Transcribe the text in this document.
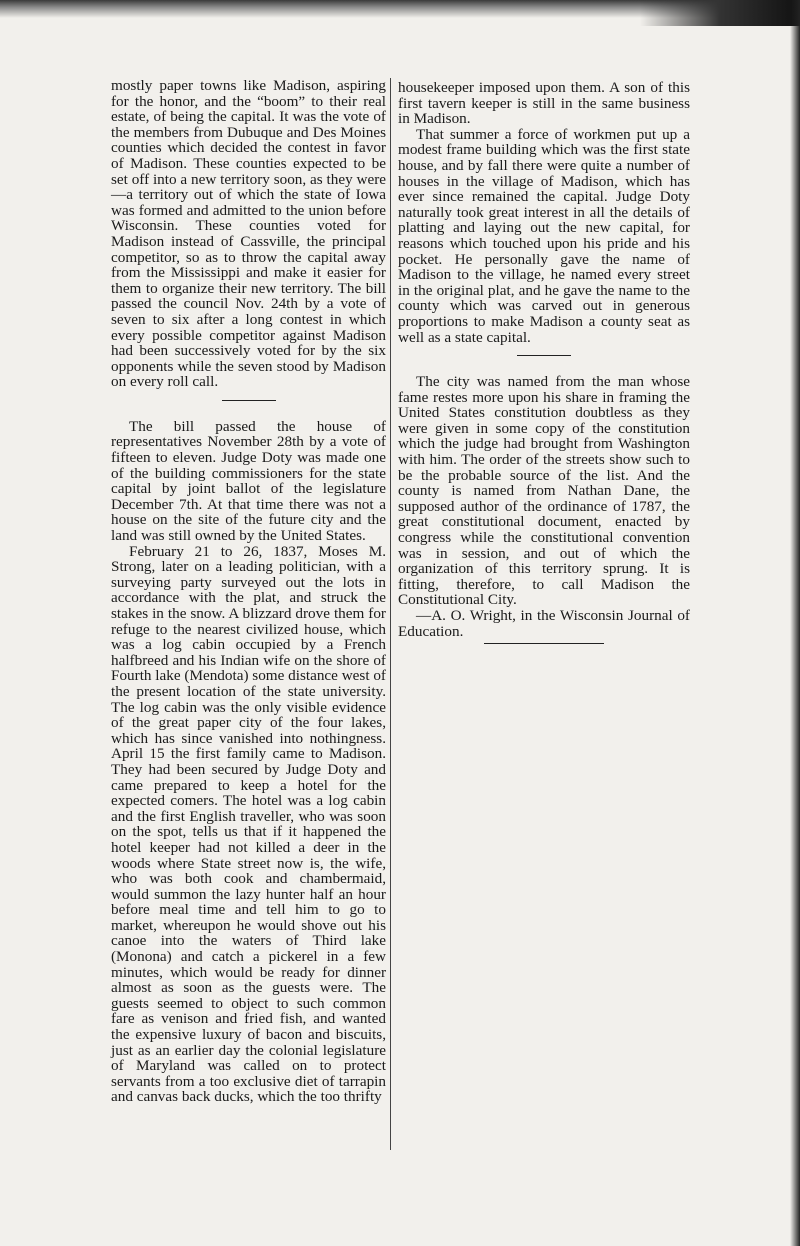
mostly paper towns like Madison, aspiring for the honor, and the “boom” to their real estate, of being the capital. It was the vote of the members from Dubuque and Des Moines counties which decided the contest in favor of Madison. These counties expected to be set off into a new territory soon, as they were—a territory out of which the state of Iowa was formed and admitted to the union before Wisconsin. These counties voted for Madison instead of Cassville, the principal competitor, so as to throw the capital away from the Mississippi and make it easier for them to organize their new territory. The bill passed the council Nov. 24th by a vote of seven to six after a long contest in which every possible competitor against Madison had been successively voted for by the six opponents while the seven stood by Madison on every roll call.

The bill passed the house of representatives November 28th by a vote of fifteen to eleven. Judge Doty was made one of the building commissioners for the state capital by joint ballot of the legislature December 7th. At that time there was not a house on the site of the future city and the land was still owned by the United States.

February 21 to 26, 1837, Moses M. Strong, later on a leading politician, with a surveying party surveyed out the lots in accordance with the plat, and struck the stakes in the snow. A blizzard drove them for refuge to the nearest civilized house, which was a log cabin occupied by a French halfbreed and his Indian wife on the shore of Fourth lake (Mendota) some distance west of the present location of the state university. The log cabin was the only visible evidence of the great paper city of the four lakes, which has since vanished into nothingness. April 15 the first family came to Madison. They had been secured by Judge Doty and came prepared to keep a hotel for the expected comers. The hotel was a log cabin and the first English traveller, who was soon on the spot, tells us that if it happened the hotel keeper had not killed a deer in the woods where State street now is, the wife, who was both cook and chambermaid, would summon the lazy hunter half an hour before meal time and tell him to go to market, whereupon he would shove out his canoe into the waters of Third lake (Monona) and catch a pickerel in a few minutes, which would be ready for dinner almost as soon as the guests were. The guests seemed to object to such common fare as venison and fried fish, and wanted the expensive luxury of bacon and biscuits, just as an earlier day the colonial legislature of Maryland was called on to protect servants from a too exclusive diet of tarrapin and canvas back ducks, which the too thrifty

housekeeper imposed upon them. A son of this first tavern keeper is still in the same business in Madison.

That summer a force of workmen put up a modest frame building which was the first state house, and by fall there were quite a number of houses in the village of Madison, which has ever since remained the capital. Judge Doty naturally took great interest in all the details of platting and laying out the new capital, for reasons which touched upon his pride and his pocket. He personally gave the name of Madison to the village, he named every street in the original plat, and he gave the name to the county which was carved out in generous proportions to make Madison a county seat as well as a state capital.

The city was named from the man whose fame restes more upon his share in framing the United States constitution doubtless as they were given in some copy of the constitution which the judge had brought from Washington with him. The order of the streets show such to be the probable source of the list. And the county is named from Nathan Dane, the supposed author of the ordinance of 1787, the great constitutional document, enacted by congress while the constitutional convention was in session, and out of which the organization of this territory sprung. It is fitting, therefore, to call Madison the Constitutional City.

—A. O. Wright, in the Wisconsin Journal of Education.
